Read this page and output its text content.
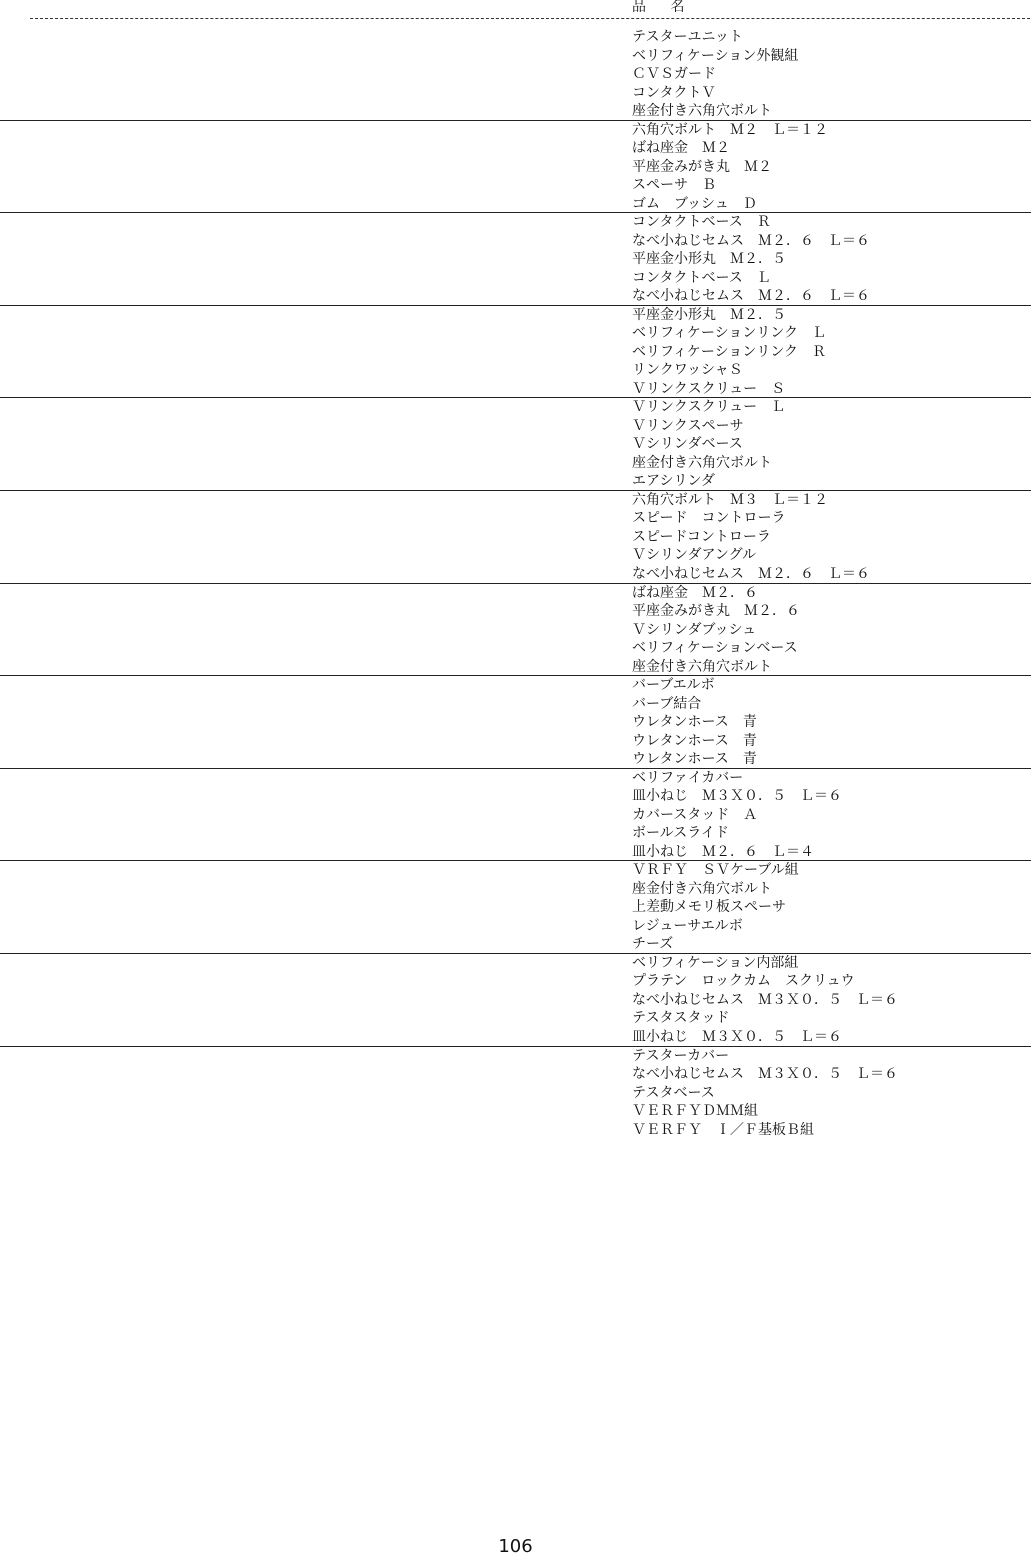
品 名
テスターユニット
ベリフィケーション外観組
ＣＶＳガード
コンタクトＶ
座金付き六角穴ボルト
六角穴ボルト　Ｍ２　Ｌ＝１２
ばね座金　Ｍ２
平座金みがき丸　Ｍ２
スペーサ　Ｂ
ゴム　ブッシュ　Ｄ
コンタクトベース　Ｒ
なべ小ねじセムス　Ｍ２．６　Ｌ＝６
平座金小形丸　Ｍ２．５
コンタクトベース　Ｌ
なべ小ねじセムス　Ｍ２．６　Ｌ＝６
平座金小形丸　Ｍ２．５
ベリフィケーションリンク　Ｌ
ベリフィケーションリンク　Ｒ
リンクワッシャＳ
Ｖリンクスクリュー　Ｓ
Ｖリンクスクリュー　Ｌ
Ｖリンクスペーサ
Ｖシリンダベース
座金付き六角穴ボルト
エアシリンダ
六角穴ボルト　Ｍ３　Ｌ＝１２
スピード　コントローラ
スピードコントローラ
Ｖシリンダアングル
なべ小ねじセムス　Ｍ２．６　Ｌ＝６
ばね座金　Ｍ２．６
平座金みがき丸　Ｍ２．６
Ｖシリンダブッシュ
ベリフィケーションベース
座金付き六角穴ボルト
バーブエルボ
バーブ結合
ウレタンホース　青
ウレタンホース　青
ウレタンホース　青
ベリファイカバー
皿小ねじ　Ｍ３Ｘ０．５　Ｌ＝６
カバースタッド　Ａ
ボールスライド
皿小ねじ　Ｍ２．６　Ｌ＝４
ＶＲＦＹ　ＳＶケーブル組
座金付き六角穴ボルト
上差動メモリ板スペーサ
レジューサエルボ
チーズ
ベリフィケーション内部組
プラテン　ロックカム　スクリュウ
なべ小ねじセムス　Ｍ３Ｘ０．５　Ｌ＝６
テスタスタッド
皿小ねじ　Ｍ３Ｘ０．５　Ｌ＝６
テスターカバー
なべ小ねじセムス　Ｍ３Ｘ０．５　Ｌ＝６
テスタベース
ＶＥＲＦＹＤＭＭ組
ＶＥＲＦＹ　Ｉ／Ｆ基板Ｂ組
106
